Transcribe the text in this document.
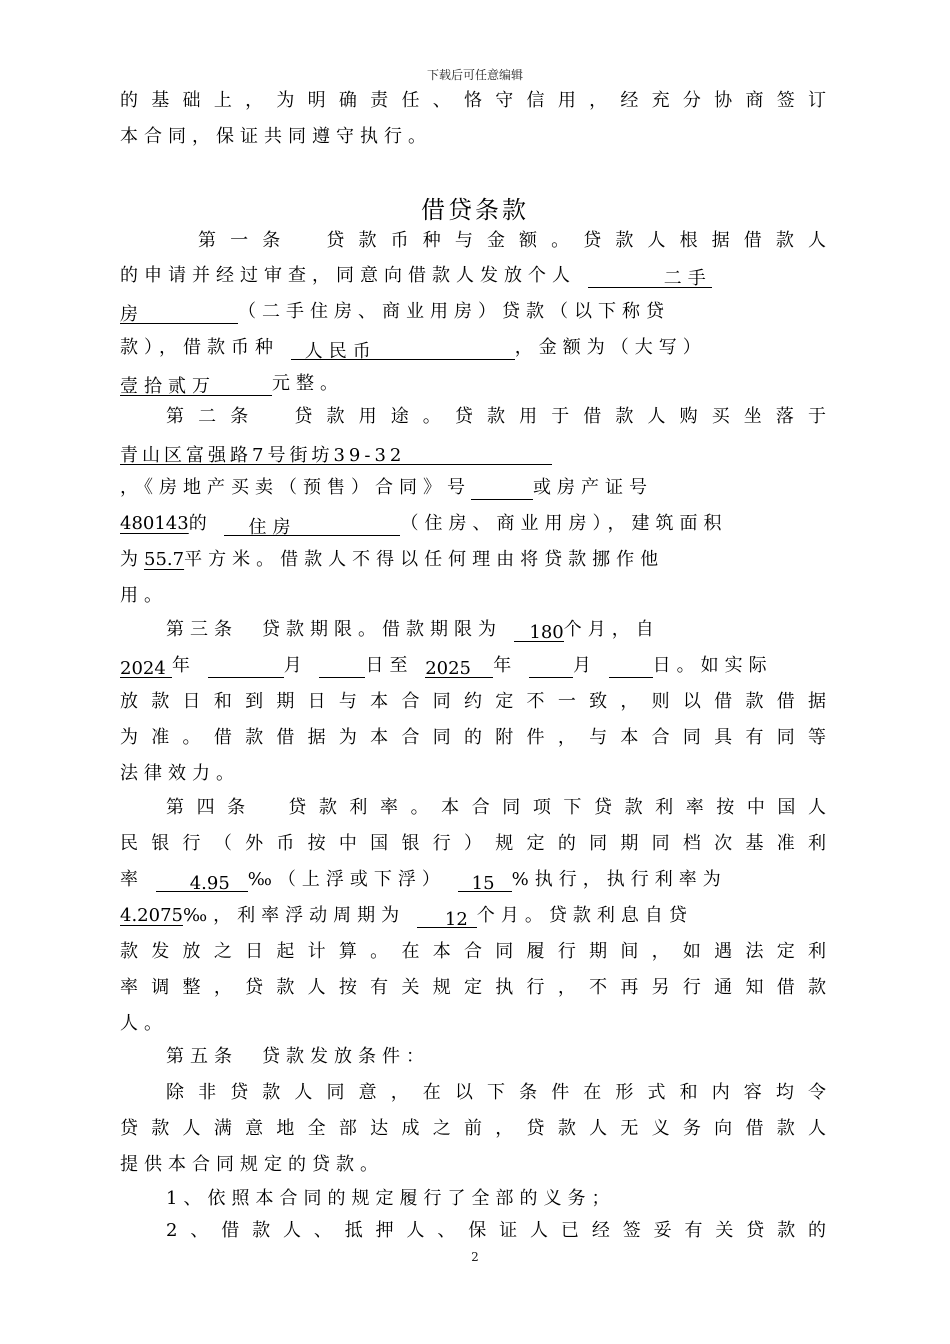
下载后可任意编辑
的基础上，为明确责任、恪守信用，经充分协商签订
本合同，保证共同遵守执行。
借贷条款
第一条　贷款币种与金额。贷款人根据借款人
的申请并经过审查，同意向借款人发放个人	二手
房	（二手住房、商业用房）贷款（以下称贷
款），借款币种 人民币	，金额为（大写）
壹拾贰万	元整。
第二条　贷款用途。贷款用于借款人购买坐落于
青山区富强路7号街坊39-32
，《房地产买卖（预售）合同》号	或房产证号
480143的 住房	（住房、商业用房），建筑面积
为55.7平方米。借款人不得以任何理由将贷款挪作他
用。
第三条　贷款期限。借款期限为 180个月，自
2024 年	月	日至 2025 年	月	日。如实际
放款日和到期日与本合同约定不一致，则以借款借据
为准。借款借据为本合同的附件，与本合同具有同等
法律效力。
第四条　贷款利率。本合同项下贷款利率按中国人
民银行（外币按中国银行）规定的同期同档次基准利
率	4.95 ‰（上浮或下浮） 15 %执行，执行利率为
4.2075‰，利率浮动周期为 12 个月。贷款利息自贷
款发放之日起计算。在本合同履行期间，如遇法定利
率调整，贷款人按有关规定执行，不再另行通知借款
人。
第五条　贷款发放条件：
除非贷款人同意，在以下条件在形式和内容均令
贷款人满意地全部达成之前，贷款人无义务向借款人
提供本合同规定的贷款。
1、依照本合同的规定履行了全部的义务；
2、借款人、抵押人、保证人已经签妥有关贷款的
2
